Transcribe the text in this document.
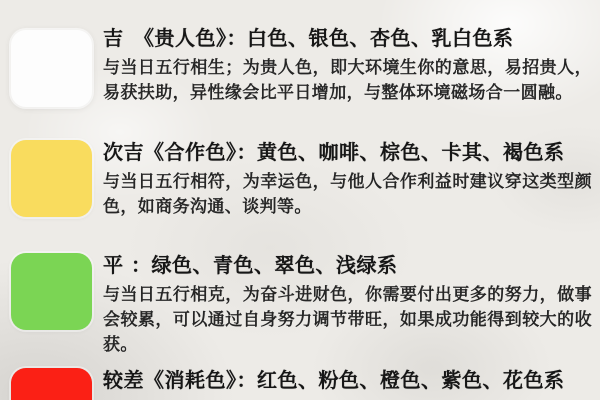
吉　《贵人色》：白色、银色、杏色、乳白色系

与当日五行相生；为贵人色，即大环境生你的意思，易招贵人，易获扶助，异性缘会比平日增加，与整体环境磁场合一圆融。

次吉《合作色》：黄色、咖啡、棕色、卡其、褐色系

与当日五行相符，为幸运色，与他人合作利益时建议穿这类型颜色，如商务沟通、谈判等。

平 ：绿色、青色、翠色、浅绿系

与当日五行相克，为奋斗进财色，你需要付出更多的努力，做事会较累，可以通过自身努力调节带旺，如果成功能得到较大的收获。

较差《消耗色》：红色、粉色、橙色、紫色、花色系
